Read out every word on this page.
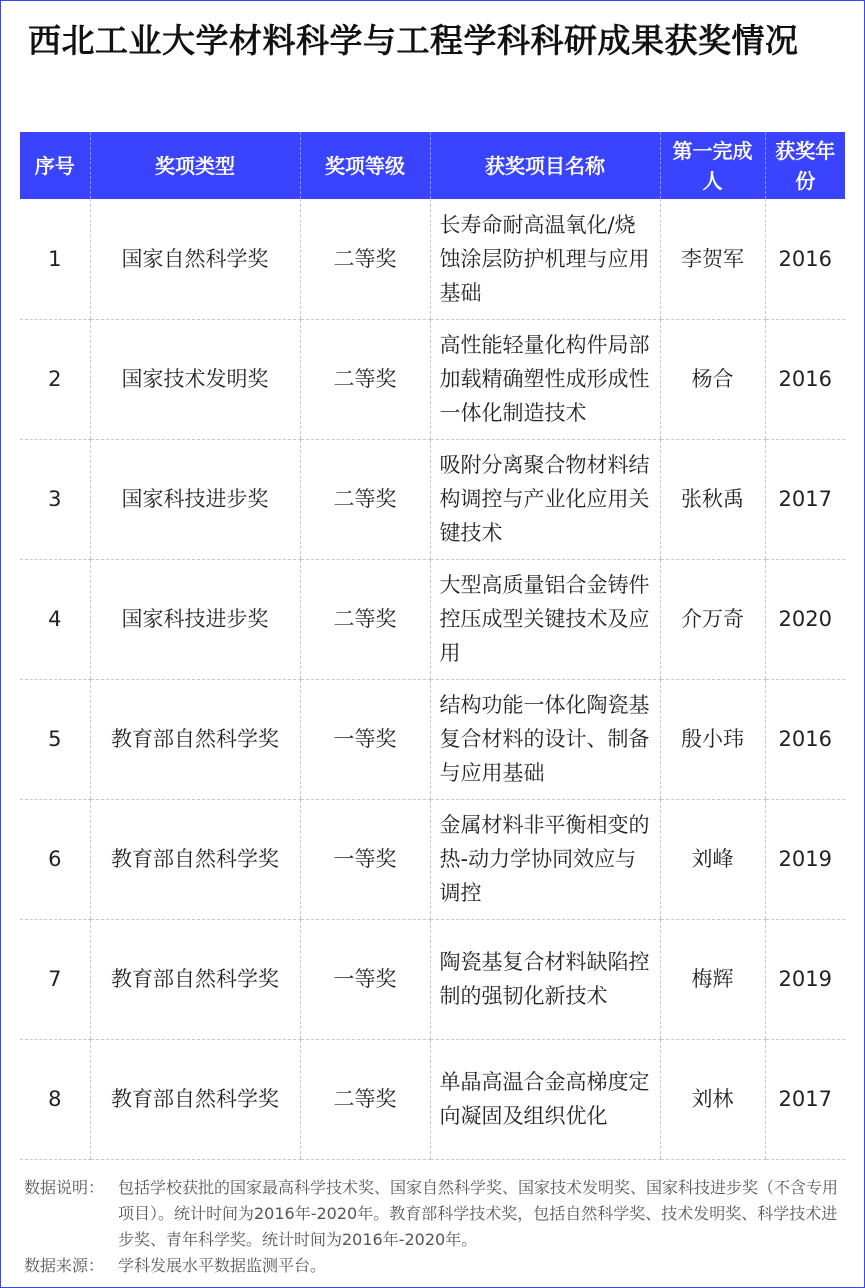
西北工业大学材料科学与工程学科科研成果获奖情况
序号	奖项类型	奖项等级	获奖项目名称	第一完成人	获奖年份
1	国家自然科学奖	二等奖	长寿命耐高温氧化/烧蚀涂层防护机理与应用基础	李贺军	2016
2	国家技术发明奖	二等奖	高性能轻量化构件局部加载精确塑性成形成性一体化制造技术	杨合	2016
3	国家科技进步奖	二等奖	吸附分离聚合物材料结构调控与产业化应用关键技术	张秋禹	2017
4	国家科技进步奖	二等奖	大型高质量铝合金铸件控压成型关键技术及应用	介万奇	2020
5	教育部自然科学奖	一等奖	结构功能一体化陶瓷基复合材料的设计、制备与应用基础	殷小玮	2016
6	教育部自然科学奖	一等奖	金属材料非平衡相变的热-动力学协同效应与调控	刘峰	2019
7	教育部自然科学奖	一等奖	陶瓷基复合材料缺陷控制的强韧化新技术	梅辉	2019
8	教育部自然科学奖	二等奖	单晶高温合金高梯度定向凝固及组织优化	刘林	2017
数据说明： 包括学校获批的国家最高科学技术奖、国家自然科学奖、国家技术发明奖、国家科技进步奖（不含专用项目）。统计时间为2016年-2020年。教育部科学技术奖，包括自然科学奖、技术发明奖、科学技术进步奖、青年科学奖。统计时间为2016年-2020年。
数据来源： 学科发展水平数据监测平台。
